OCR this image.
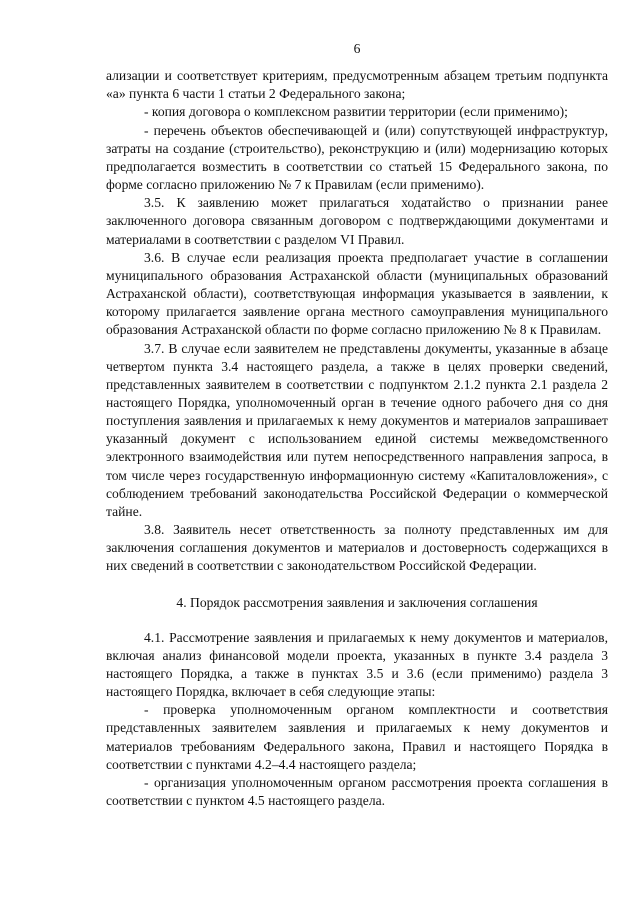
6

ализации и соответствует критериям, предусмотренным абзацем третьим подпункта «а» пункта 6 части 1 статьи 2 Федерального закона;

- копия договора о комплексном развитии территории (если применимо);

- перечень объектов обеспечивающей и (или) сопутствующей инфраструктур, затраты на создание (строительство), реконструкцию и (или) модернизацию которых предполагается возместить в соответствии со статьей 15 Федерального закона, по форме согласно приложению № 7 к Правилам (если применимо).

3.5. К заявлению может прилагаться ходатайство о признании ранее заключенного договора связанным договором с подтверждающими документами и материалами в соответствии с разделом VI Правил.

3.6. В случае если реализация проекта предполагает участие в соглашении муниципального образования Астраханской области (муниципальных образований Астраханской области), соответствующая информация указывается в заявлении, к которому прилагается заявление органа местного самоуправления муниципального образования Астраханской области по форме согласно приложению № 8 к Правилам.

3.7. В случае если заявителем не представлены документы, указанные в абзаце четвертом пункта 3.4 настоящего раздела, а также в целях проверки сведений, представленных заявителем в соответствии с подпунктом 2.1.2 пункта 2.1 раздела 2 настоящего Порядка, уполномоченный орган в течение одного рабочего дня со дня поступления заявления и прилагаемых к нему документов и материалов запрашивает указанный документ с использованием единой системы межведомственного электронного взаимодействия или путем непосредственного направления запроса, в том числе через государственную информационную систему «Капиталовложения», с соблюдением требований законодательства Российской Федерации о коммерческой тайне.

3.8. Заявитель несет ответственность за полноту представленных им для заключения соглашения документов и материалов и достоверность содержащихся в них сведений в соответствии с законодательством Российской Федерации.

4. Порядок рассмотрения заявления и заключения соглашения

4.1. Рассмотрение заявления и прилагаемых к нему документов и материалов, включая анализ финансовой модели проекта, указанных в пункте 3.4 раздела 3 настоящего Порядка, а также в пунктах 3.5 и 3.6 (если применимо) раздела 3 настоящего Порядка, включает в себя следующие этапы:

- проверка уполномоченным органом комплектности и соответствия представленных заявителем заявления и прилагаемых к нему документов и материалов требованиям Федерального закона, Правил и настоящего Порядка в соответствии с пунктами 4.2–4.4 настоящего раздела;

- организация уполномоченным органом рассмотрения проекта соглашения в соответствии с пунктом 4.5 настоящего раздела.
